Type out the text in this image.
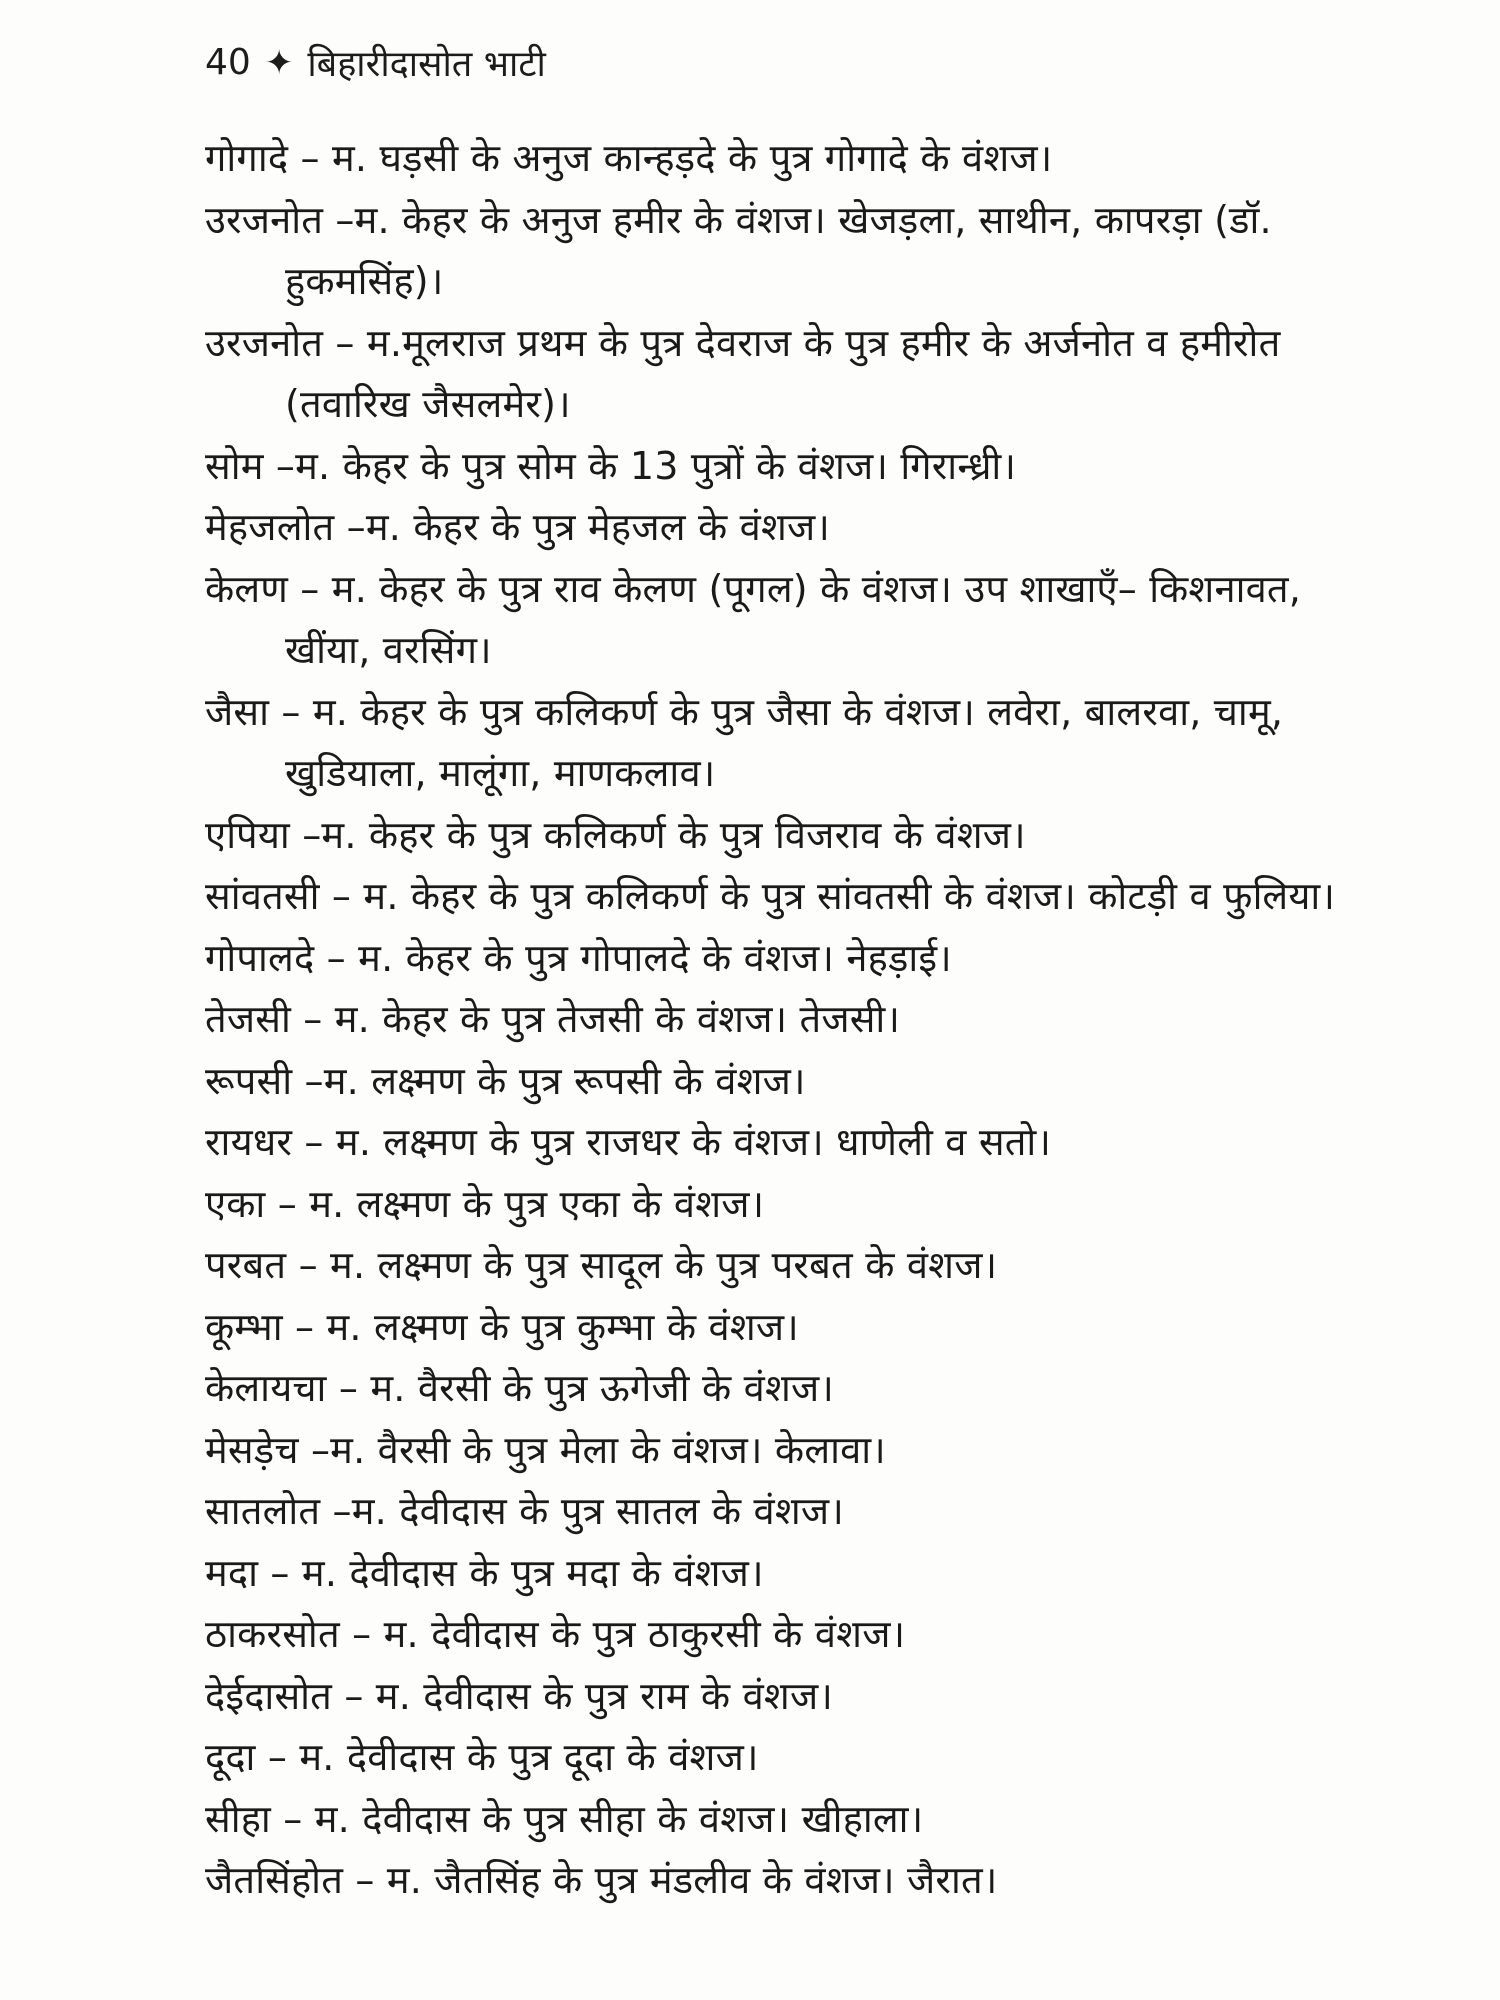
40 ✦ बिहारीदासोत भाटी
गोगादे – म. घड़सी के अनुज कान्हड़दे के पुत्र गोगादे के वंशज।
उरजनोत –म. केहर के अनुज हमीर के वंशज। खेजड़ला, साथीन, कापरड़ा (डॉ. हुकमसिंह)।
उरजनोत – म.मूलराज प्रथम के पुत्र देवराज के पुत्र हमीर के अर्जनोत व हमीरोत (तवारिख जैसलमेर)।
सोम –म. केहर के पुत्र सोम के 13 पुत्रों के वंशज। गिरान्ध्री।
मेहजलोत –म. केहर के पुत्र मेहजल के वंशज।
केलण – म. केहर के पुत्र राव केलण (पूगल) के वंशज। उप शाखाएँ– किशनावत, खींया, वरसिंग।
जैसा – म. केहर के पुत्र कलिकर्ण के पुत्र जैसा के वंशज। लवेरा, बालरवा, चामू, खुडियाला, मालूंगा, माणकलाव।
एपिया –म. केहर के पुत्र कलिकर्ण के पुत्र विजराव के वंशज।
सांवतसी – म. केहर के पुत्र कलिकर्ण के पुत्र सांवतसी के वंशज। कोटड़ी व फुलिया।
गोपालदे – म. केहर के पुत्र गोपालदे के वंशज। नेहड़ाई।
तेजसी – म. केहर के पुत्र तेजसी के वंशज। तेजसी।
रूपसी –म. लक्ष्मण के पुत्र रूपसी के वंशज।
रायधर – म. लक्ष्मण के पुत्र राजधर के वंशज। धाणेली व सतो।
एका – म. लक्ष्मण के पुत्र एका के वंशज।
परबत – म. लक्ष्मण के पुत्र सादूल के पुत्र परबत के वंशज।
कूम्भा – म. लक्ष्मण के पुत्र कुम्भा के वंशज।
केलायचा – म. वैरसी के पुत्र ऊगेजी के वंशज।
मेसड़ेच –म. वैरसी के पुत्र मेला के वंशज। केलावा।
सातलोत –म. देवीदास के पुत्र सातल के वंशज।
मदा – म. देवीदास के पुत्र मदा के वंशज।
ठाकरसोत – म. देवीदास के पुत्र ठाकुरसी के वंशज।
देईदासोत – म. देवीदास के पुत्र राम के वंशज।
दूदा – म. देवीदास के पुत्र दूदा के वंशज।
सीहा – म. देवीदास के पुत्र सीहा के वंशज। खीहाला।
जैतसिंहोत – म. जैतसिंह के पुत्र मंडलीव के वंशज। जैरात।
